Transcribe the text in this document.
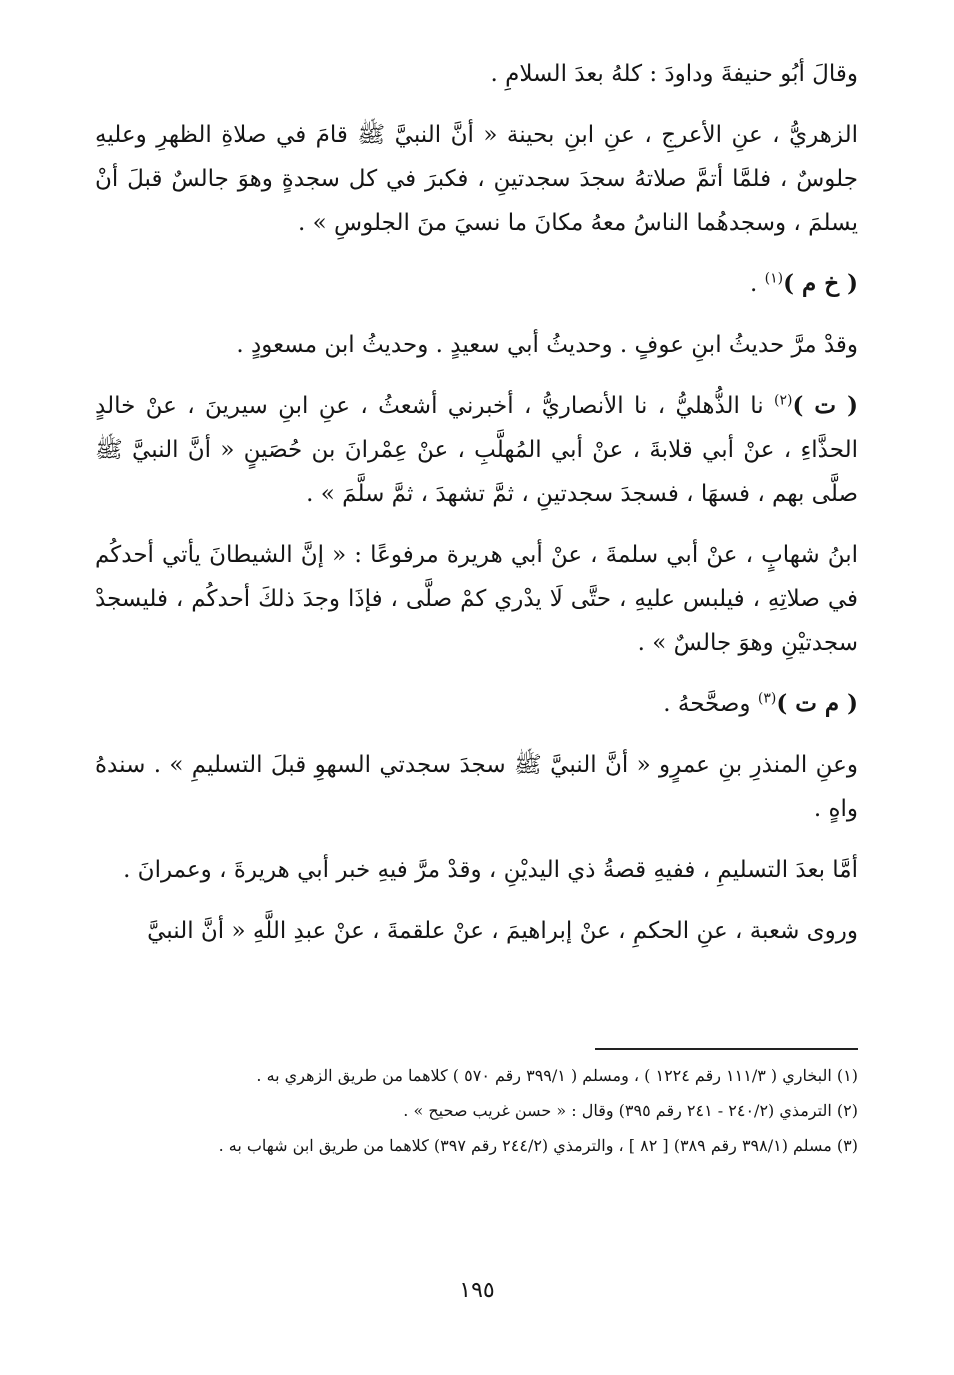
وقالَ أبُو حنيفةَ وداودَ : كلهُ بعدَ السلامِ .

الزهريُّ ، عنِ الأعرجِ ، عنِ ابنِ بحينة « أنَّ النبيَّ ﷺ قامَ في صلاةِ الظهرِ وعليهِ جلوسٌ ، فلمَّا أتمَّ صلاتهُ سجدَ سجدتينِ ، فكبرَ في كل سجدةٍ وهوَ جالسٌ قبلَ أنْ يسلمَ ، وسجدهُما الناسُ معهُ مكانَ ما نسيَ منَ الجلوسِ » .

( خ م )$^{(١)}$ .

وقدْ مرَّ حديثُ ابنِ عوفٍ . وحديثُ أبي سعيدٍ . وحديثُ ابن مسعودٍ .

( ت )$^{(٢)}$ نا الذُّهليُّ ، نا الأنصاريُّ ، أخبرني أشعثُ ، عنِ ابنِ سيرينَ ، عنْ خالدٍ الحذَّاءِ ، عنْ أبي قلابةَ ، عنْ أبي المُهلَّبِ ، عنْ عِمْرانَ بن حُصَينٍ « أنَّ النبيَّ ﷺ صلَّى بهم ، فسهَا ، فسجدَ سجدتينِ ، ثمَّ تشهدَ ، ثمَّ سلَّمَ » .

ابنُ شهابٍ ، عنْ أبي سلمةَ ، عنْ أبي هريرة مرفوعًا : « إنَّ الشيطانَ يأتي أحدكُم في صلاتِهِ ، فيلبس عليهِ ، حتَّى لَا يدْري كمْ صلَّى ، فإذَا وجدَ ذلكَ أحدكُم ، فليسجدْ سجدتيْنِ وهوَ جالسٌ » .

( م ت )$^{(٣)}$ وصحَّحهُ .

وعنِ المنذرِ بنِ عمرٍو « أنَّ النبيَّ ﷺ سجدَ سجدتي السهوِ قبلَ التسليمِ » . سندهُ واهٍ .

أمَّا بعدَ التسليمِ ، ففيهِ قصةُ ذي اليديْنِ ، وقدْ مرَّ فيهِ خبر أبي هريرةَ ، وعمرانَ .

وروى شعبة ، عنِ الحكمِ ، عنْ إبراهيمَ ، عنْ علقمةَ ، عنْ عبدِ اللَّهِ « أنَّ النبيَّ

(١) البخاري ( ١١١/٣ رقم ١٢٢٤ ) ، ومسلم ( ٣٩٩/١ رقم ٥٧٠ ) كلاهما من طريق الزهري به .

(٢) الترمذي (٢٤٠/٢ - ٢٤١ رقم ٣٩٥) وقال : « حسن غريب صحيح » .

(٣) مسلم (٣٩٨/١ رقم ٣٨٩) [ ٨٢ ] ، والترمذي (٢٤٤/٢ رقم ٣٩٧) كلاهما من طريق ابن شهاب به .

١٩٥
